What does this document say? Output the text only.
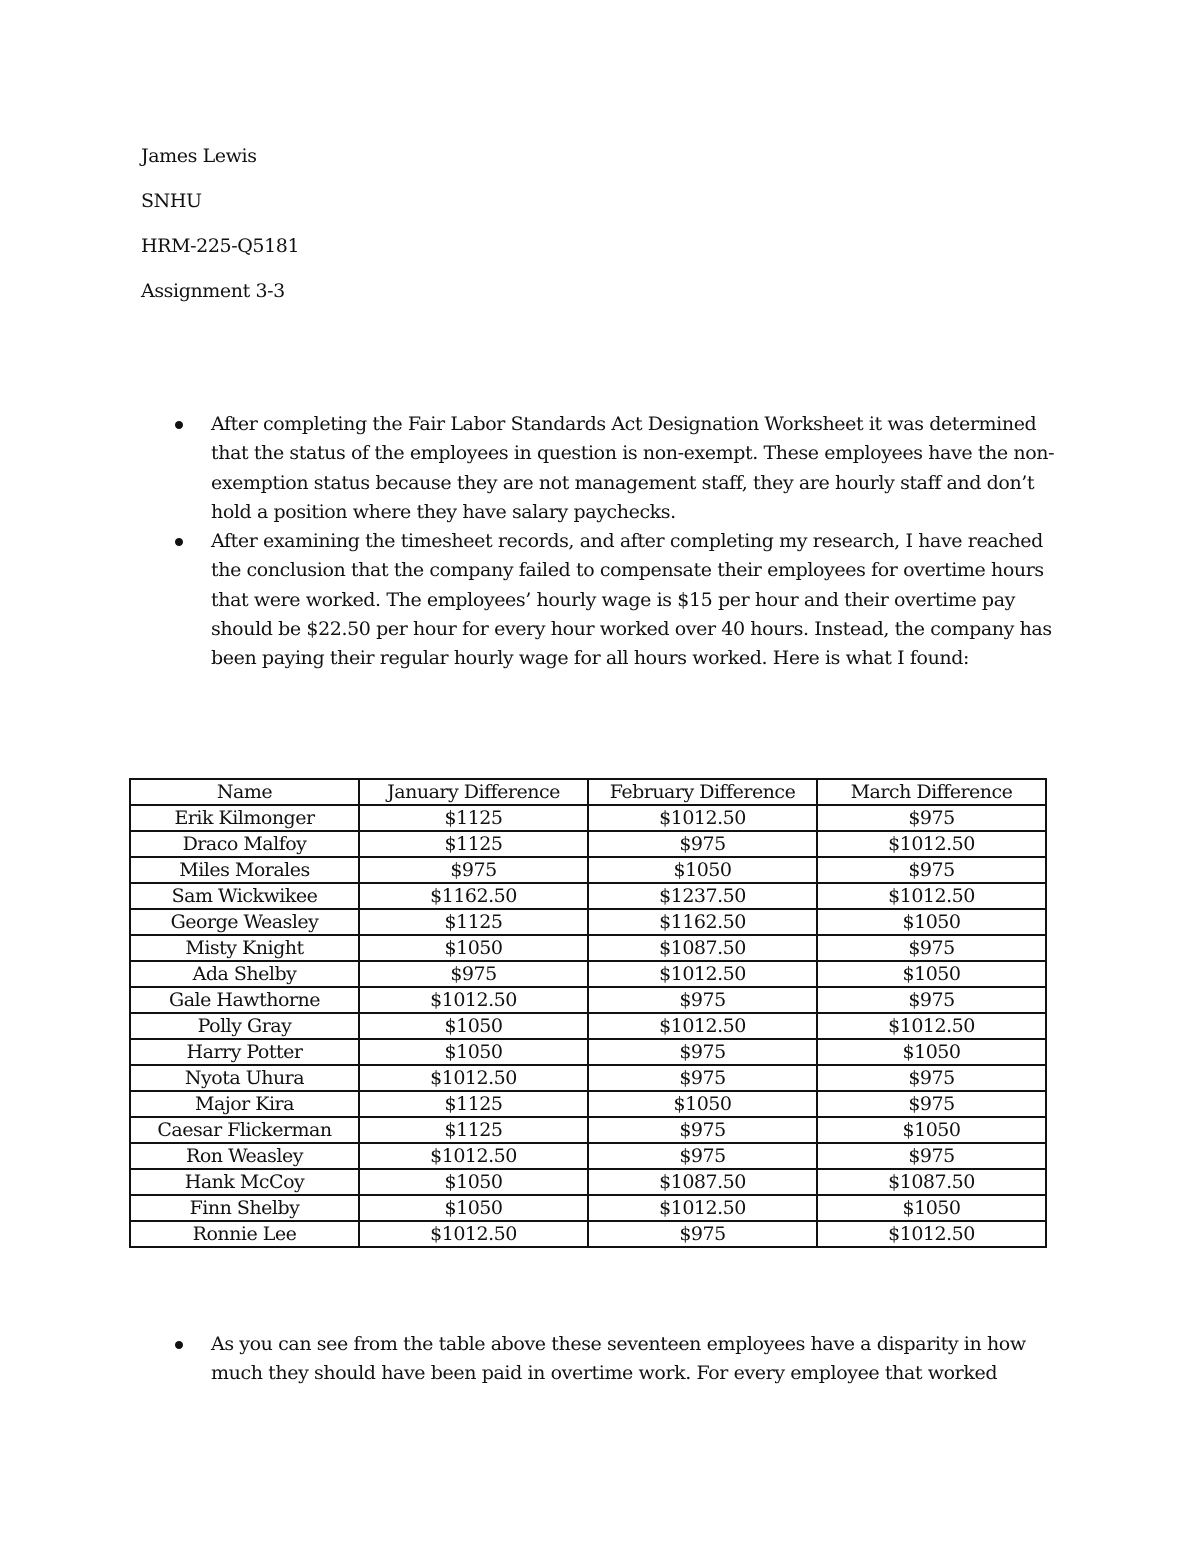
James Lewis
SNHU
HRM-225-Q5181
Assignment 3-3
After completing the Fair Labor Standards Act Designation Worksheet it was determined that the status of the employees in question is non-exempt. These employees have the non-exemption status because they are not management staff, they are hourly staff and don’t hold a position where they have salary paychecks.
After examining the timesheet records, and after completing my research, I have reached the conclusion that the company failed to compensate their employees for overtime hours that were worked. The employees’ hourly wage is $15 per hour and their overtime pay should be $22.50 per hour for every hour worked over 40 hours. Instead, the company has been paying their regular hourly wage for all hours worked. Here is what I found:
Name	January Difference	February Difference	March Difference
Erik Kilmonger	$1125	$1012.50	$975
Draco Malfoy	$1125	$975	$1012.50
Miles Morales	$975	$1050	$975
Sam Wickwikee	$1162.50	$1237.50	$1012.50
George Weasley	$1125	$1162.50	$1050
Misty Knight	$1050	$1087.50	$975
Ada Shelby	$975	$1012.50	$1050
Gale Hawthorne	$1012.50	$975	$975
Polly Gray	$1050	$1012.50	$1012.50
Harry Potter	$1050	$975	$1050
Nyota Uhura	$1012.50	$975	$975
Major Kira	$1125	$1050	$975
Caesar Flickerman	$1125	$975	$1050
Ron Weasley	$1012.50	$975	$975
Hank McCoy	$1050	$1087.50	$1087.50
Finn Shelby	$1050	$1012.50	$1050
Ronnie Lee	$1012.50	$975	$1012.50
As you can see from the table above these seventeen employees have a disparity in how much they should have been paid in overtime work. For every employee that worked
